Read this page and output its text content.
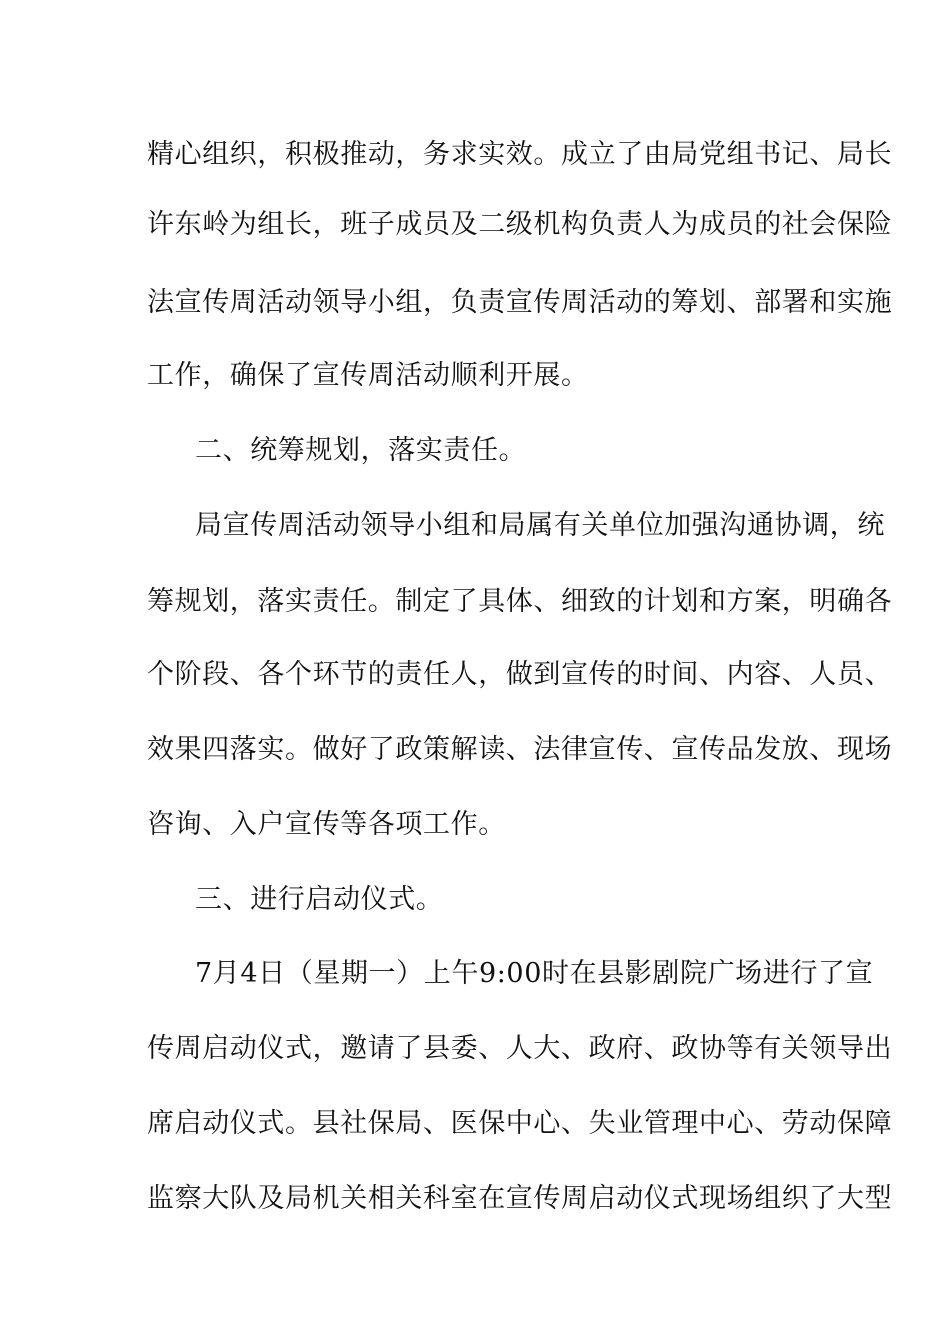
精心组织，积极推动，务求实效。成立了由局党组书记、局长
许东岭为组长，班子成员及二级机构负责人为成员的社会保险
法宣传周活动领导小组，负责宣传周活动的筹划、部署和实施
工作，确保了宣传周活动顺利开展。
二、统筹规划，落实责任。
局宣传周活动领导小组和局属有关单位加强沟通协调，统
筹规划，落实责任。制定了具体、细致的计划和方案，明确各
个阶段、各个环节的责任人，做到宣传的时间、内容、人员、
效果四落实。做好了政策解读、法律宣传、宣传品发放、现场
咨询、入户宣传等各项工作。
三、进行启动仪式。
7月4日（星期一）上午9:00时在县影剧院广场进行了宣
传周启动仪式，邀请了县委、人大、政府、政协等有关领导出
席启动仪式。县社保局、医保中心、失业管理中心、劳动保障
监察大队及局机关相关科室在宣传周启动仪式现场组织了大型
